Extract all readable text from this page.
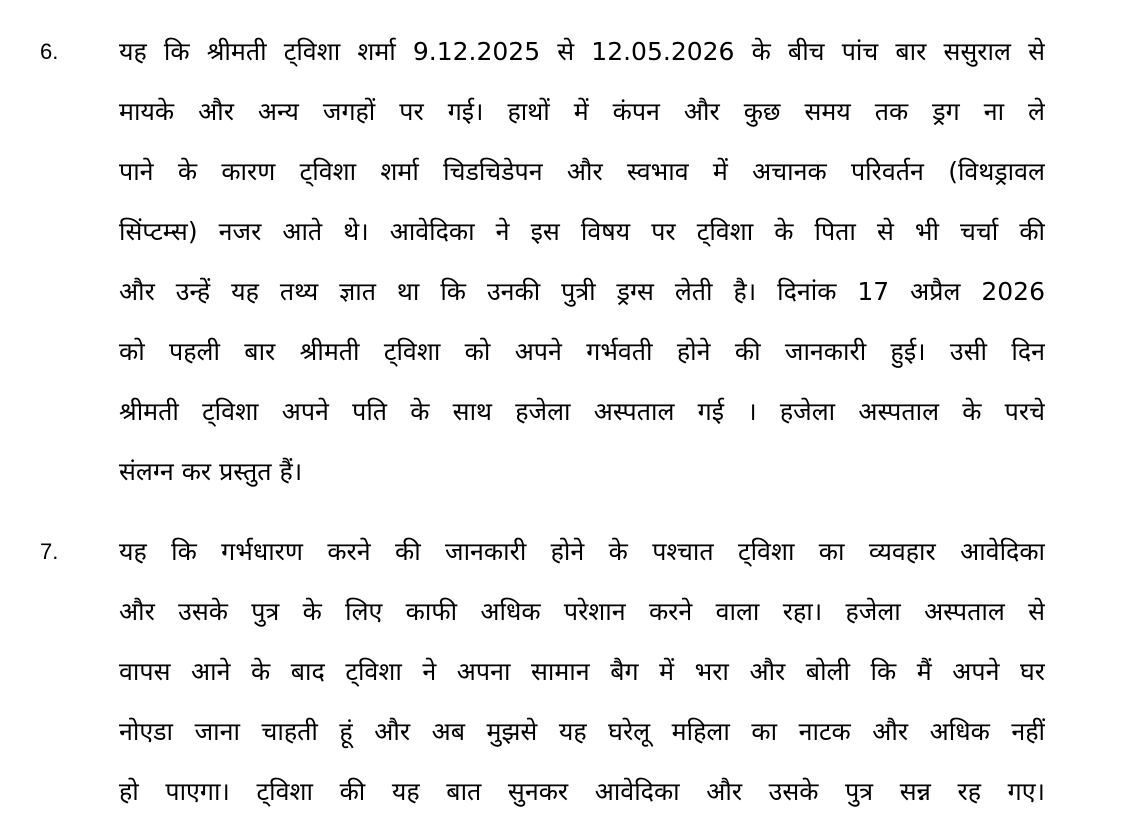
6. यह कि श्रीमती ट्विशा शर्मा 9.12.2025 से 12.05.2026 के बीच पांच बार ससुराल से
मायके और अन्य जगहों पर गई। हाथों में कंपन और कुछ समय तक ड्रग ना ले
पाने के कारण ट्विशा शर्मा चिडचिडेपन और स्वभाव में अचानक परिवर्तन (विथड्रावल
सिंप्टम्स) नजर आते थे। आवेदिका ने इस विषय पर ट्विशा के पिता से भी चर्चा की
और उन्हें यह तथ्य ज्ञात था कि उनकी पुत्री ड्रग्स लेती है। दिनांक 17 अप्रैल 2026
को पहली बार श्रीमती ट्विशा को अपने गर्भवती होने की जानकारी हुई। उसी दिन
श्रीमती ट्विशा अपने पति के साथ हजेला अस्पताल गई । हजेला अस्पताल के परचे
संलग्न कर प्रस्तुत हैं।
7. यह कि गर्भधारण करने की जानकारी होने के पश्चात ट्विशा का व्यवहार आवेदिका
और उसके पुत्र के लिए काफी अधिक परेशान करने वाला रहा। हजेला अस्पताल से
वापस आने के बाद ट्विशा ने अपना सामान बैग में भरा और बोली कि मैं अपने घर
नोएडा जाना चाहती हूं और अब मुझसे यह घरेलू महिला का नाटक और अधिक नहीं
हो पाएगा। ट्विशा की यह बात सुनकर आवेदिका और उसके पुत्र सन्न रह गए।
